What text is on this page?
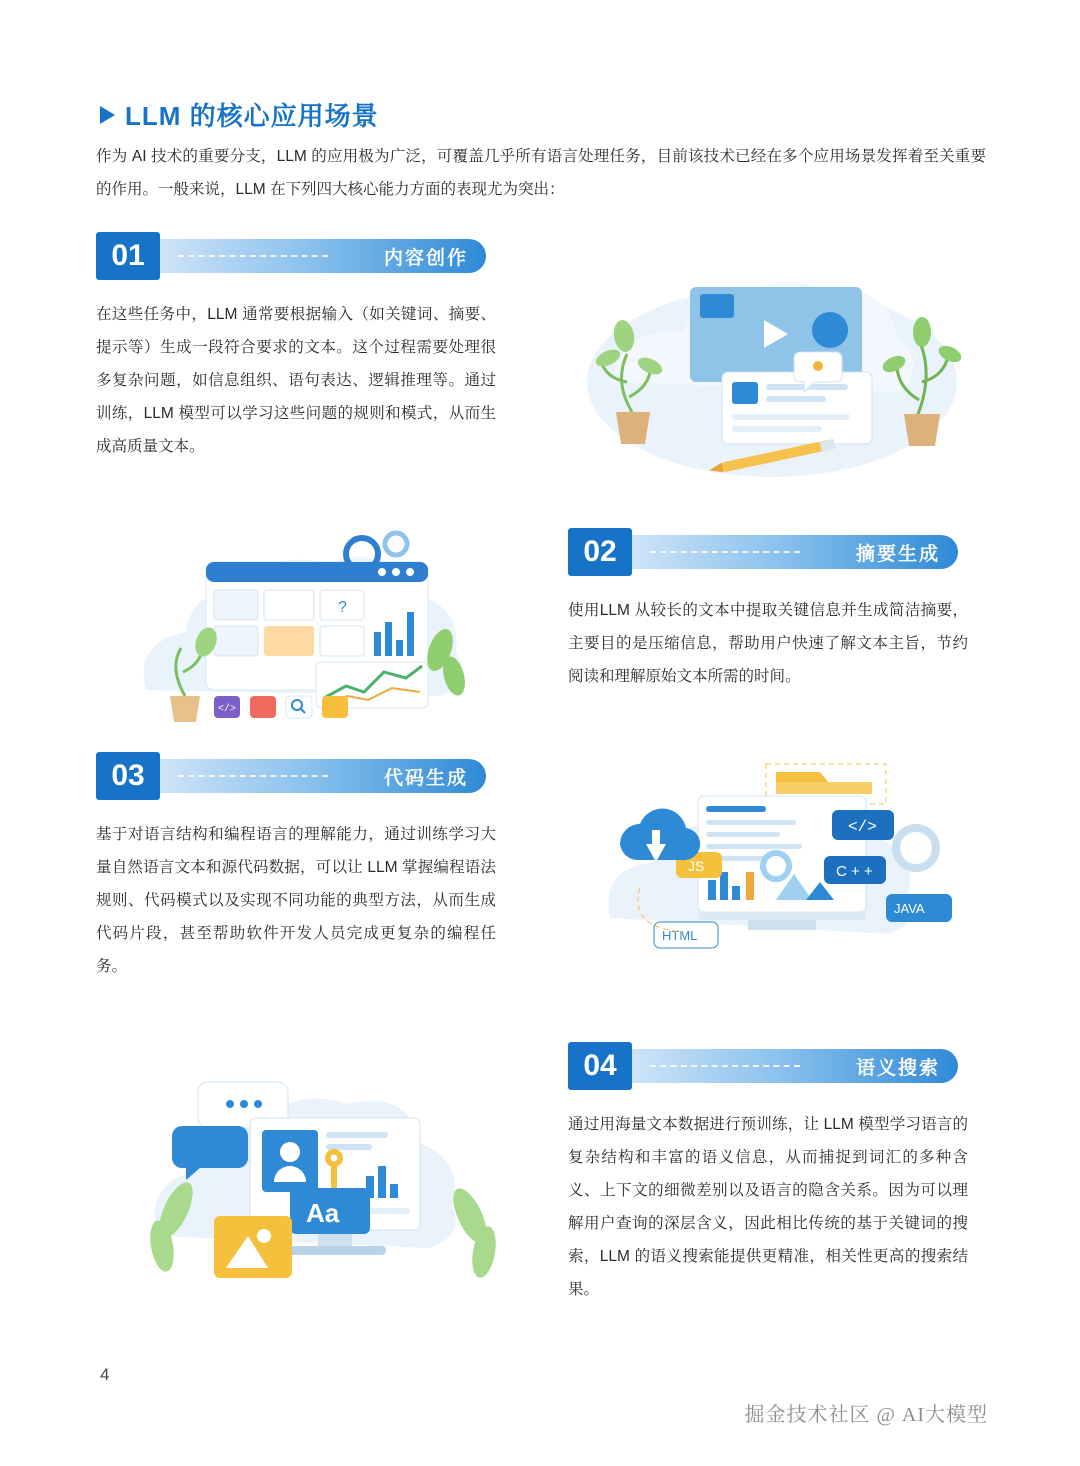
LLM 的核心应用场景
作为 AI 技术的重要分支，LLM 的应用极为广泛，可覆盖几乎所有语言处理任务，目前该技术已经在多个应用场景发挥着至关重要的作用。一般来说，LLM 在下列四大核心能力方面的表现尤为突出：
01	内容创作

在这些任务中，LLM 通常要根据输入（如关键词、摘要、提示等）生成一段符合要求的文本。这个过程需要处理很多复杂问题，如信息组织、语句表达、逻辑推理等。通过训练，LLM 模型可以学习这些问题的规则和模式，从而生成高质量文本。

02	摘要生成

使用LLM 从较长的文本中提取关键信息并生成简洁摘要，主要目的是压缩信息，帮助用户快速了解文本主旨，节约阅读和理解原始文本所需的时间。

03	代码生成

基于对语言结构和编程语言的理解能力，通过训练学习大量自然语言文本和源代码数据，可以让 LLM 掌握编程语法规则、代码模式以及实现不同功能的典型方法，从而生成代码片段，甚至帮助软件开发人员完成更复杂的编程任务。

04	语义搜索

通过用海量文本数据进行预训练，让 LLM 模型学习语言的复杂结构和丰富的语义信息，从而捕捉到词汇的多种含义、上下文的细微差别以及语言的隐含关系。因为可以理解用户查询的深层含义，因此相比传统的基于关键词的搜索，LLM 的语义搜索能提供更精准，相关性更高的搜索结果。

?
</>
</>
C + +
JS
HTML
JAVA
Aa
4
掘金技术社区 @ AI大模型
